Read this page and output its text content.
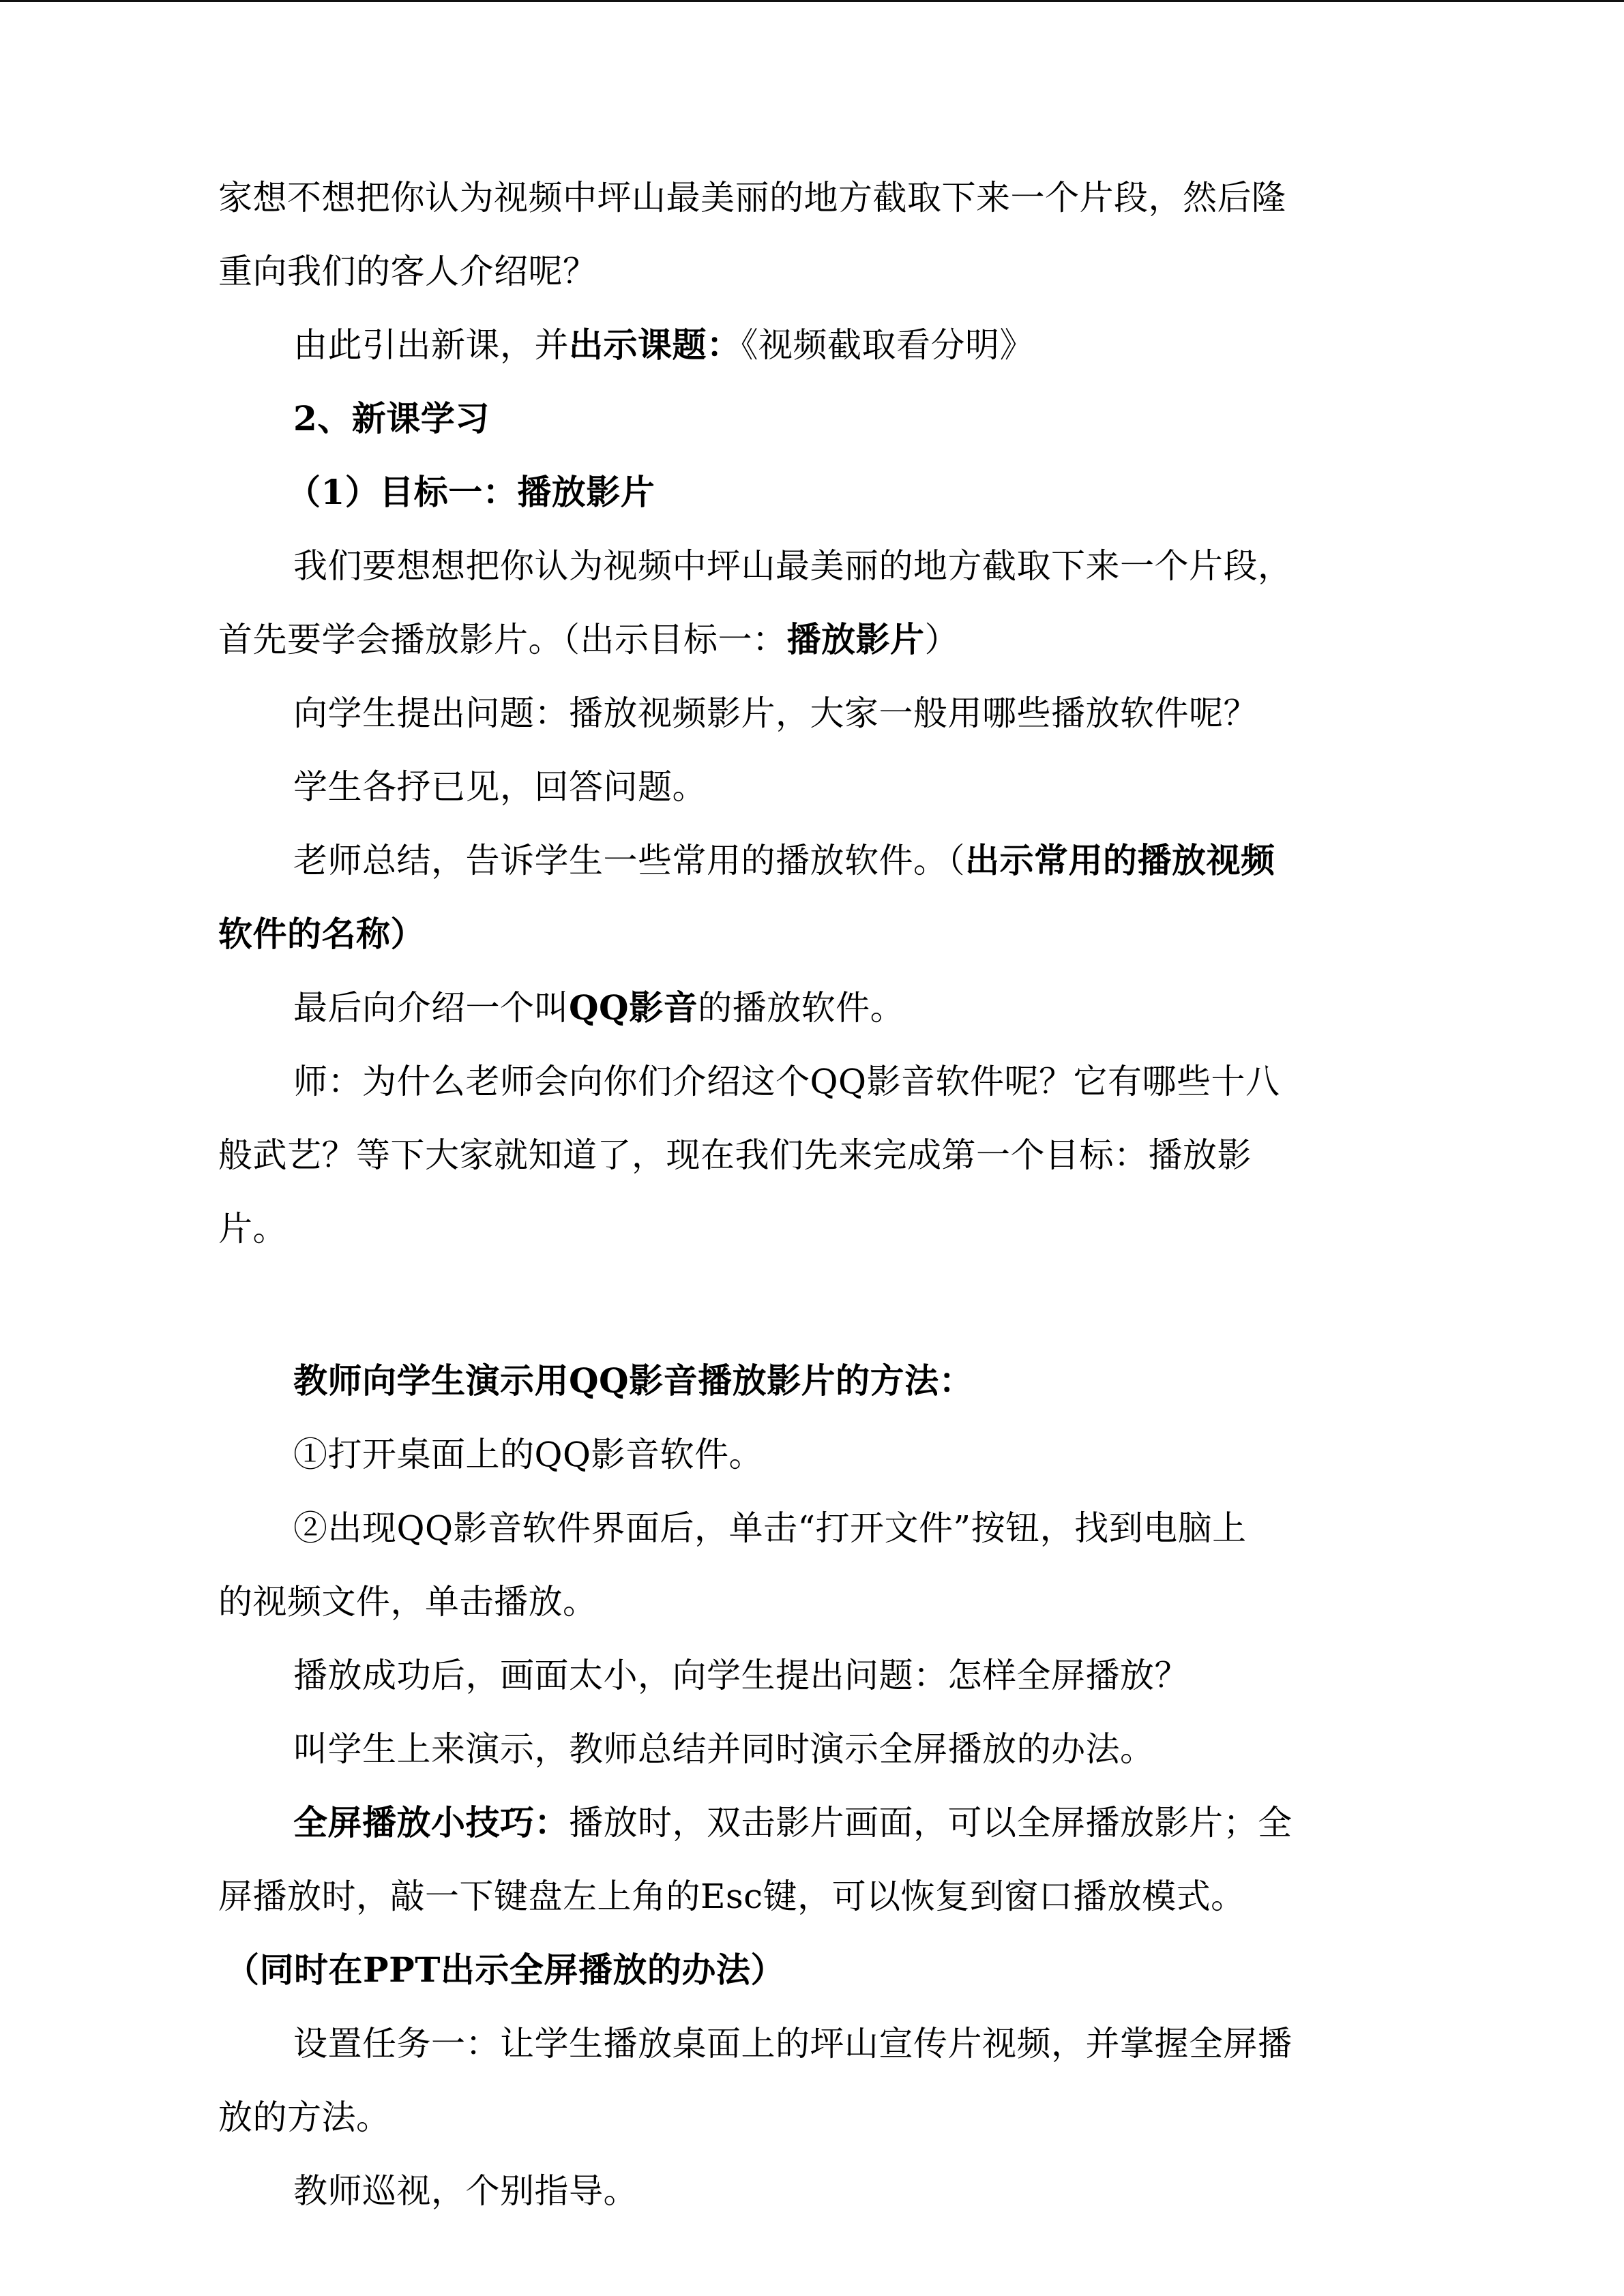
家想不想把你认为视频中坪山最美丽的地方截取下来一个片段，然后隆
重向我们的客人介绍呢？
由此引出新课，并出示课题：《视频截取看分明》
2、新课学习
（1）目标一：播放影片
我们要想想把你认为视频中坪山最美丽的地方截取下来一个片段，
首先要学会播放影片。（出示目标一：播放影片）
向学生提出问题：播放视频影片，大家一般用哪些播放软件呢？
学生各抒已见，回答问题。
老师总结，告诉学生一些常用的播放软件。（出示常用的播放视频
软件的名称）
最后向介绍一个叫QQ影音的播放软件。
师：为什么老师会向你们介绍这个QQ影音软件呢？它有哪些十八
般武艺？等下大家就知道了，现在我们先来完成第一个目标：播放影
片。
教师向学生演示用QQ影音播放影片的方法：
①打开桌面上的QQ影音软件。
②出现QQ影音软件界面后，单击“打开文件”按钮，找到电脑上
的视频文件，单击播放。
播放成功后，画面太小，向学生提出问题：怎样全屏播放？
叫学生上来演示，教师总结并同时演示全屏播放的办法。
全屏播放小技巧：播放时，双击影片画面，可以全屏播放影片；全
屏播放时，敲一下键盘左上角的Esc键，可以恢复到窗口播放模式。
（同时在PPT出示全屏播放的办法）
设置任务一：让学生播放桌面上的坪山宣传片视频，并掌握全屏播
放的方法。
教师巡视，个别指导。
